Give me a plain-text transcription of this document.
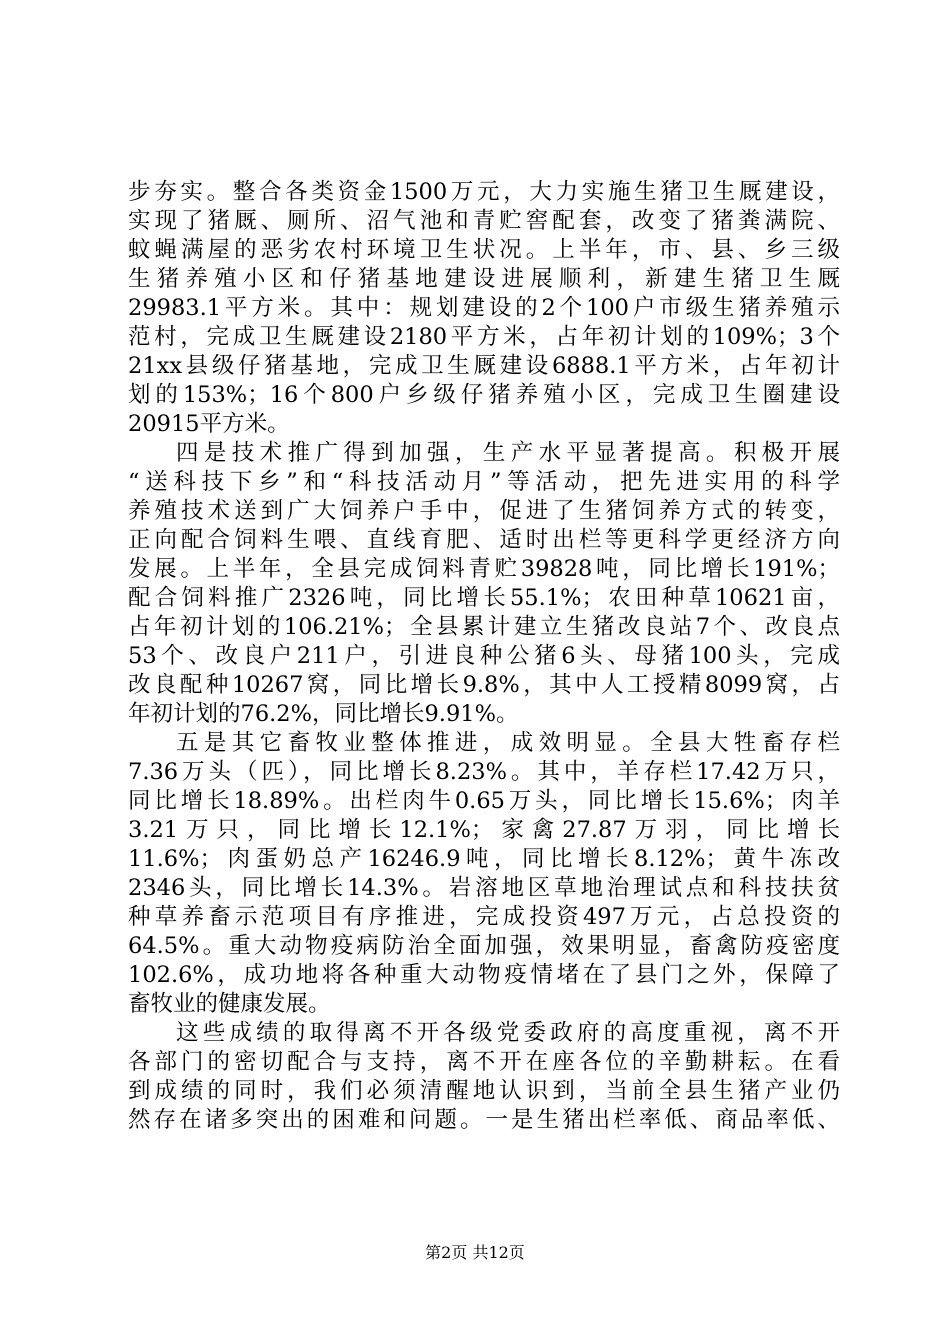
步夯实。整合各类资金1500万元，大力实施生猪卫生厩建设，
实现了猪厩、厕所、沼气池和青贮窖配套，改变了猪粪满院、
蚊蝇满屋的恶劣农村环境卫生状况。上半年，市、县、乡三级
生猪养殖小区和仔猪基地建设进展顺利，新建生猪卫生厩
29983.1平方米。其中：规划建设的2个100户市级生猪养殖示
范村，完成卫生厩建设2180平方米，占年初计划的109%；3个
21xx县级仔猪基地，完成卫生厩建设6888.1平方米，占年初计
划的153%；16个800户乡级仔猪养殖小区，完成卫生圈建设
20915平方米。
四是技术推广得到加强，生产水平显著提高。积极开展
“送科技下乡”和“科技活动月”等活动，把先进实用的科学
养殖技术送到广大饲养户手中，促进了生猪饲养方式的转变，
正向配合饲料生喂、直线育肥、适时出栏等更科学更经济方向
发展。上半年，全县完成饲料青贮39828吨，同比增长191%；
配合饲料推广2326吨，同比增长55.1%；农田种草10621亩，
占年初计划的106.21%；全县累计建立生猪改良站7个、改良点
53个、改良户211户，引进良种公猪6头、母猪100头，完成
改良配种10267窝，同比增长9.8%，其中人工授精8099窝，占
年初计划的76.2%，同比增长9.91%。
五是其它畜牧业整体推进，成效明显。全县大牲畜存栏
7.36万头（匹），同比增长8.23%。其中，羊存栏17.42万只，
同比增长18.89%。出栏肉牛0.65万头，同比增长15.6%；肉羊
3.21万只，同比增长12.1%；家禽27.87万羽，同比增长
11.6%；肉蛋奶总产16246.9吨，同比增长8.12%；黄牛冻改
2346头，同比增长14.3%。岩溶地区草地治理试点和科技扶贫
种草养畜示范项目有序推进，完成投资497万元，占总投资的
64.5%。重大动物疫病防治全面加强，效果明显，畜禽防疫密度
102.6%，成功地将各种重大动物疫情堵在了县门之外，保障了
畜牧业的健康发展。
这些成绩的取得离不开各级党委政府的高度重视，离不开
各部门的密切配合与支持，离不开在座各位的辛勤耕耘。在看
到成绩的同时，我们必须清醒地认识到，当前全县生猪产业仍
然存在诸多突出的困难和问题。一是生猪出栏率低、商品率低、
第2页 共12页
